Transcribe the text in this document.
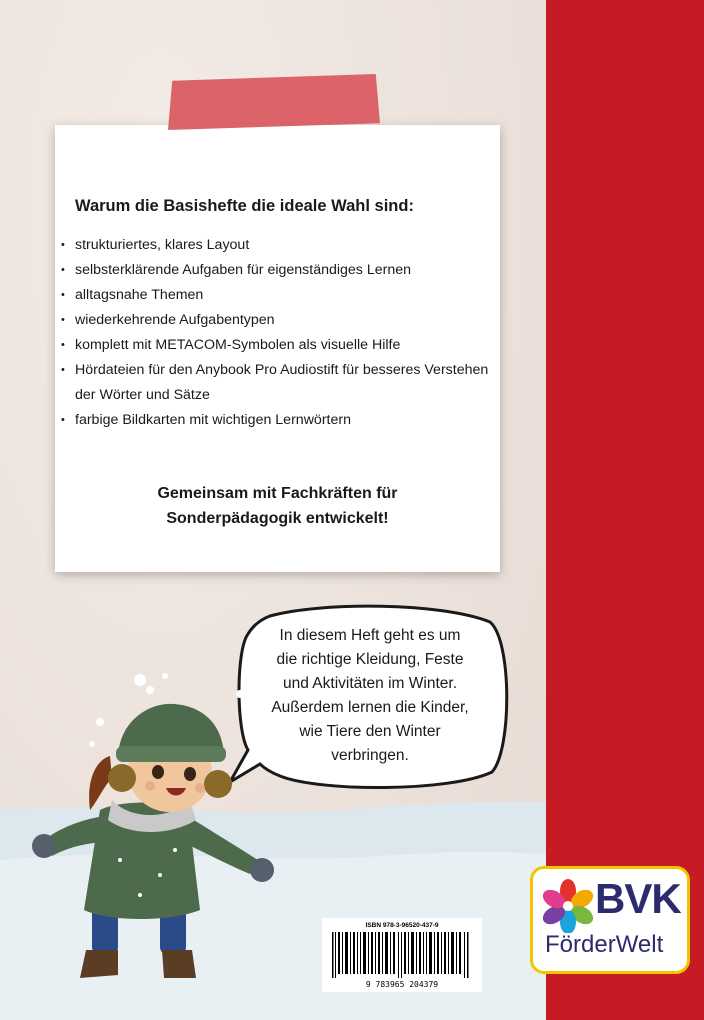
Warum die Basishefte die ideale Wahl sind:

• strukturiertes, klares Layout
• selbsterklärende Aufgaben für eigenständiges Lernen
• alltagsnahe Themen
• wiederkehrende Aufgabentypen
• komplett mit METACOM-Symbolen als visuelle Hilfe
• Hördateien für den Anybook Pro Audiostift für besseres Verstehen der Wörter und Sätze
• farbige Bildkarten mit wichtigen Lernwörtern
Gemeinsam mit Fachkräften für
Sonderpädagogik entwickelt!
In diesem Heft geht es um
die richtige Kleidung, Feste
und Aktivitäten im Winter.
Außerdem lernen die Kinder,
wie Tiere den Winter
verbringen.
9 783965 204379
ISBN 978-3-96520-437-9
BVK
FörderWelt
